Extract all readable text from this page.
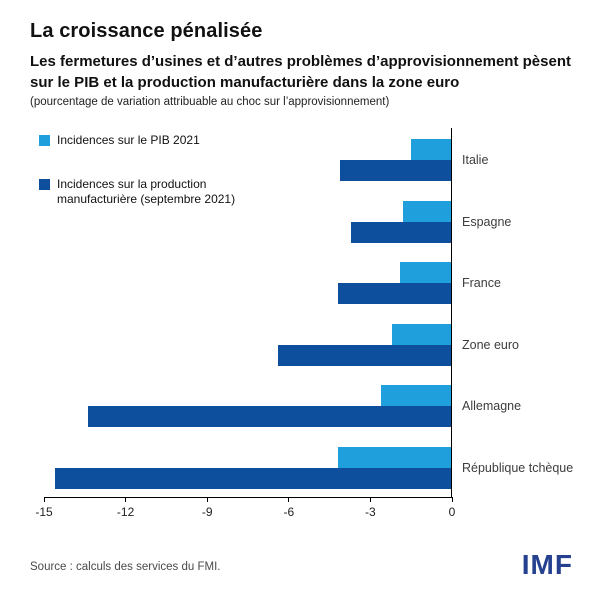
La croissance pénalisée
Les fermetures d’usines et d’autres problèmes d’approvisionnement pèsent sur le PIB et la production manufacturière dans la zone euro
(pourcentage de variation attribuable au choc sur l’approvisionnement)
Incidences sur le PIB 2021
Incidences sur la production manufacturière (septembre 2021)
Italie
Espagne
France
Zone euro
Allemagne
République tchèque
-15	-12	-9	-6	-3	0
Source : calculs des services du FMI.	IMF
